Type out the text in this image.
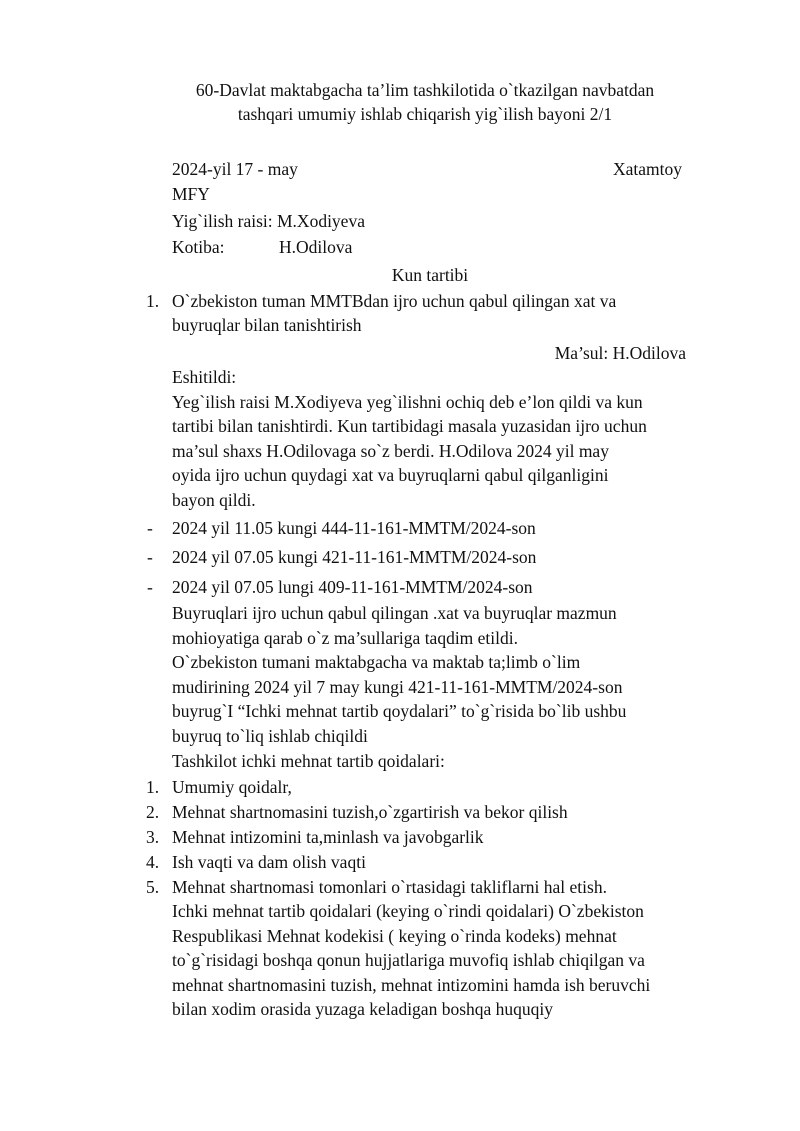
60-Davlat maktabgacha ta’lim tashkilotida o`tkazilgan navbatdan
tashqari umumiy ishlab chiqarish yig`ilish bayoni 2/1
2024-yil 17 - may	Xatamtoy
MFY
Yig`ilish raisi: M.Xodiyeva
Kotiba:	H.Odilova
Kun tartibi
1. O`zbekiston tuman MMTBdan ijro uchun qabul qilingan xat va
buyruqlar bilan tanishtirish
Ma’sul: H.Odilova
Eshitildi:
Yeg`ilish raisi M.Xodiyeva yeg`ilishni ochiq deb e’lon qildi va kun
tartibi bilan tanishtirdi. Kun tartibidagi masala yuzasidan ijro uchun
ma’sul shaxs H.Odilovaga so`z berdi. H.Odilova 2024 yil may
oyida ijro uchun quydagi xat va buyruqlarni qabul qilganligini
bayon qildi.
- 2024 yil 11.05 kungi 444-11-161-MMTM/2024-son
- 2024 yil 07.05 kungi 421-11-161-MMTM/2024-son
- 2024 yil 07.05 lungi 409-11-161-MMTM/2024-son
Buyruqlari ijro uchun qabul qilingan .xat va buyruqlar mazmun
mohioyatiga qarab o`z ma’sullariga taqdim etildi.
O`zbekiston tumani maktabgacha va maktab ta;limb o`lim
mudirining 2024 yil 7 may kungi 421-11-161-MMTM/2024-son
buyrug`I “Ichki mehnat tartib qoydalari” to`g`risida bo`lib ushbu
buyruq to`liq ishlab chiqildi
Tashkilot ichki mehnat tartib qoidalari:
1. Umumiy qoidalr,
2. Mehnat shartnomasini tuzish,o`zgartirish va bekor qilish
3. Mehnat intizomini ta,minlash va javobgarlik
4. Ish vaqti va dam olish vaqti
5. Mehnat shartnomasi tomonlari o`rtasidagi takliflarni hal etish.
Ichki mehnat tartib qoidalari (keying o`rindi qoidalari) O`zbekiston
Respublikasi Mehnat kodekisi ( keying o`rinda kodeks) mehnat
to`g`risidagi boshqa qonun hujjatlariga muvofiq ishlab chiqilgan va
mehnat shartnomasini tuzish, mehnat intizomini hamda ish beruvchi
bilan xodim orasida yuzaga keladigan boshqa huquqiy
